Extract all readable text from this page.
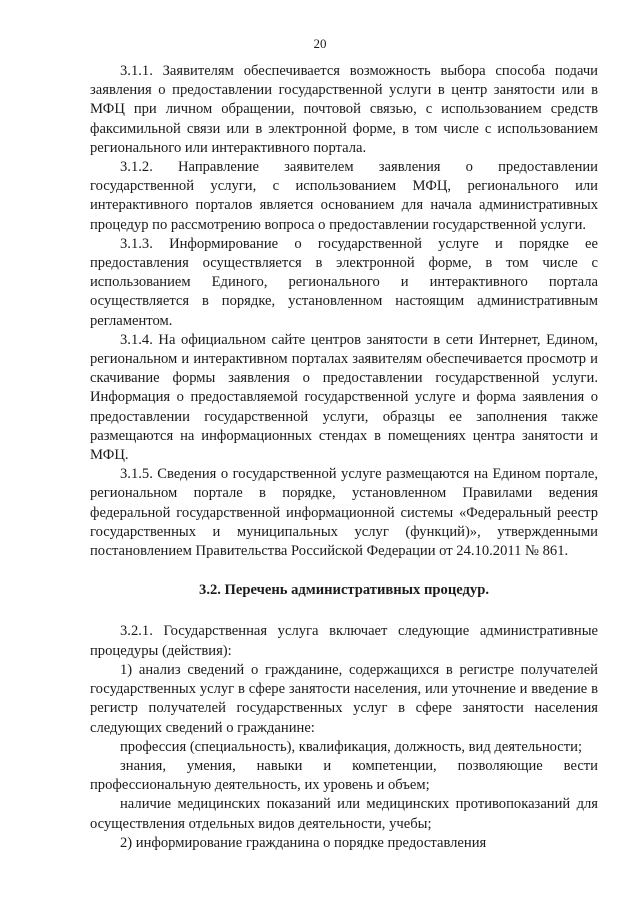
20

3.1.1. Заявителям обеспечивается возможность выбора способа подачи заявления о предоставлении государственной услуги в центр занятости или в МФЦ при личном обращении, почтовой связью, с использованием средств факсимильной связи или в электронной форме, в том числе с использованием регионального или интерактивного портала.

3.1.2. Направление заявителем заявления о предоставлении государственной услуги, с использованием МФЦ, регионального или интерактивного порталов является основанием для начала административных процедур по рассмотрению вопроса о предоставлении государственной услуги.

3.1.3. Информирование о государственной услуге и порядке ее предоставления осуществляется в электронной форме, в том числе с использованием Единого, регионального и интерактивного портала осуществляется в порядке, установленном настоящим административным регламентом.

3.1.4. На официальном сайте центров занятости в сети Интернет, Едином, региональном и интерактивном порталах заявителям обеспечивается просмотр и скачивание формы заявления о предоставлении государственной услуги. Информация о предоставляемой государственной услуге и форма заявления о предоставлении государственной услуги, образцы ее заполнения также размещаются на информационных стендах в помещениях центра занятости и МФЦ.

3.1.5. Сведения о государственной услуге размещаются на Едином портале, региональном портале в порядке, установленном Правилами ведения федеральной государственной информационной системы «Федеральный реестр государственных и муниципальных услуг (функций)», утвержденными постановлением Правительства Российской Федерации от 24.10.2011 № 861.

3.2. Перечень административных процедур.

3.2.1. Государственная услуга включает следующие административные процедуры (действия):

1) анализ сведений о гражданине, содержащихся в регистре получателей государственных услуг в сфере занятости населения, или уточнение и введение в регистр получателей государственных услуг в сфере занятости населения следующих сведений о гражданине:

профессия (специальность), квалификация, должность, вид деятельности;

знания, умения, навыки и компетенции, позволяющие вести профессиональную деятельность, их уровень и объем;

наличие медицинских показаний или медицинских противопоказаний для осуществления отдельных видов деятельности, учебы;

2) информирование гражданина о порядке предоставления
